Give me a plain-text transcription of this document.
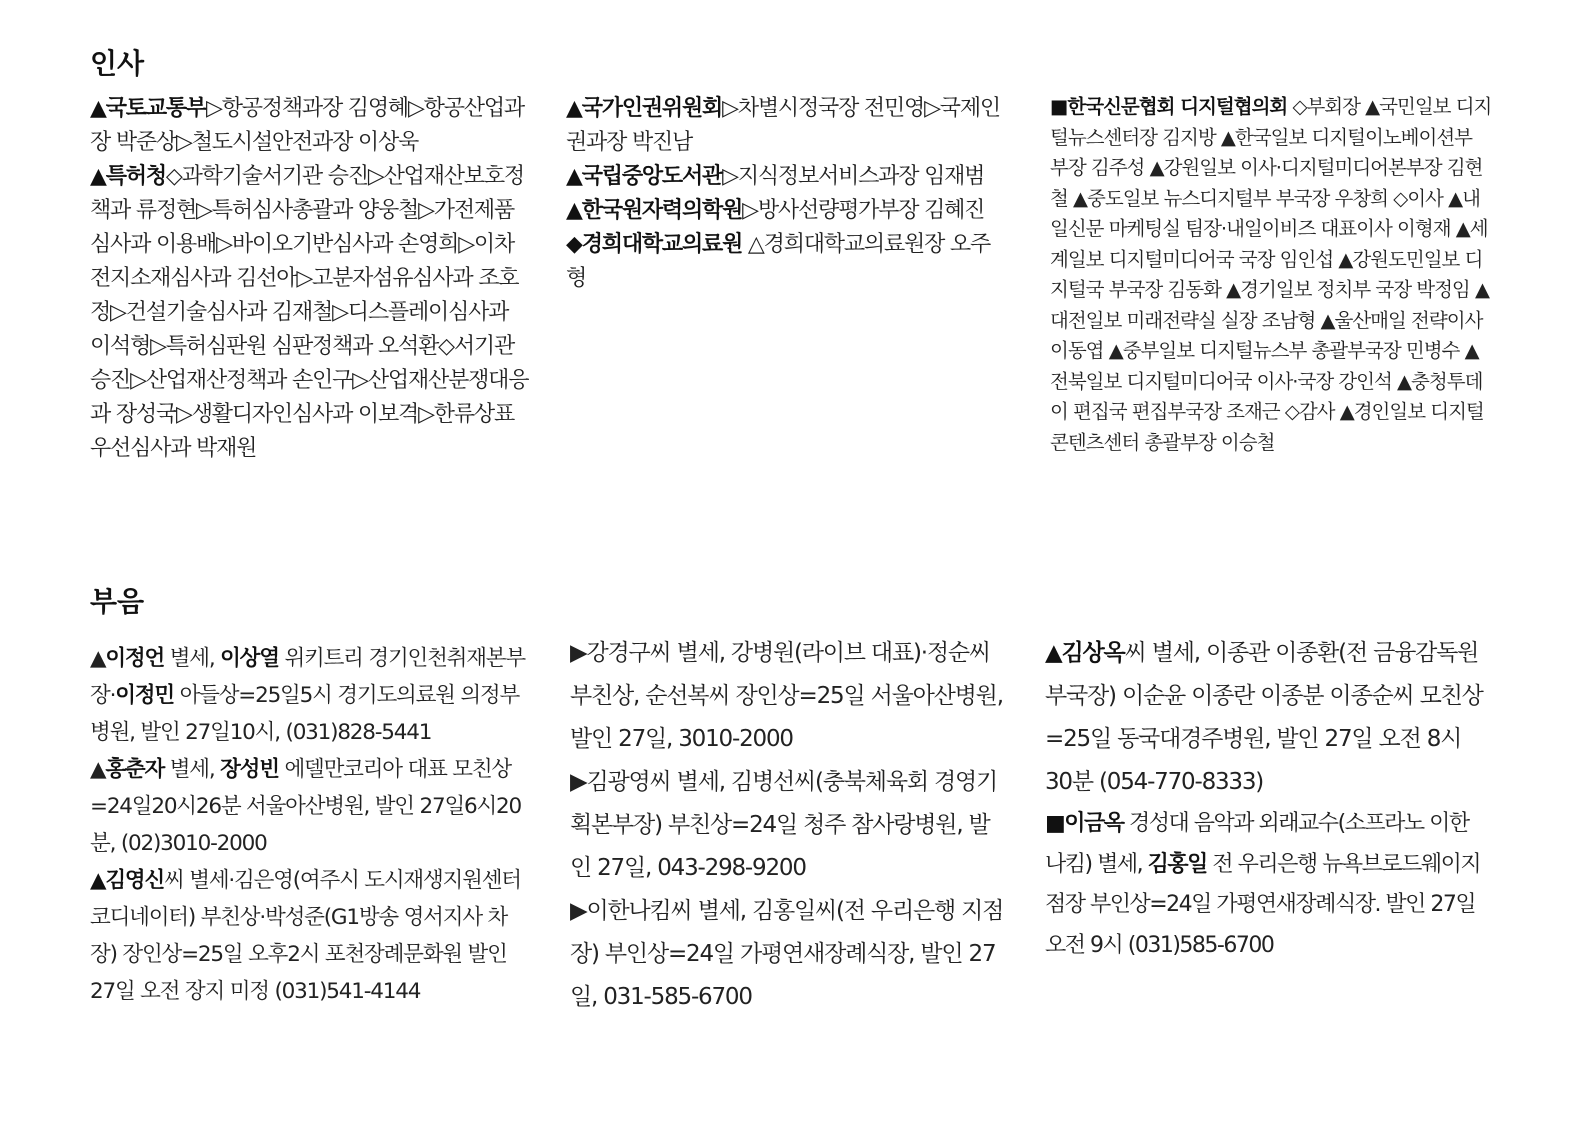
인사

▲국토교통부▷항공정책과장 김영혜▷항공산업과장 박준상▷철도시설안전과장 이상욱

▲특허청◇과학기술서기관 승진▷산업재산보호정책과 류정현▷특허심사총괄과 양웅철▷가전제품심사과 이용배▷바이오기반심사과 손영희▷이차전지소재심사과 김선아▷고분자섬유심사과 조호정▷건설기술심사과 김재철▷디스플레이심사과 이석형▷특허심판원 심판정책과 오석환◇서기관 승진▷산업재산정책과 손인구▷산업재산분쟁대응과 장성국▷생활디자인심사과 이보격▷한류상표우선심사과 박재원

▲국가인권위원회▷차별시정국장 전민영▷국제인권과장 박진남

▲국립중앙도서관▷지식정보서비스과장 임재범

▲한국원자력의학원▷방사선량평가부장 김혜진

◆경희대학교의료원 △경희대학교의료원장 오주형

■한국신문협회 디지털협의회 ◇부회장 ▲국민일보 디지털뉴스센터장 김지방 ▲한국일보 디지털이노베이션부 부장 김주성 ▲강원일보 이사·디지털미디어본부장 김현철 ▲중도일보 뉴스디지털부 부국장 우창희 ◇이사 ▲내일신문 마케팅실 팀장·내일이비즈 대표이사 이형재 ▲세계일보 디지털미디어국 국장 임인섭 ▲강원도민일보 디지털국 부국장 김동화 ▲경기일보 정치부 국장 박정임 ▲대전일보 미래전략실 실장 조남형 ▲울산매일 전략이사 이동엽 ▲중부일보 디지털뉴스부 총괄부국장 민병수 ▲전북일보 디지털미디어국 이사·국장 강인석 ▲충청투데이 편집국 편집부국장 조재근 ◇감사 ▲경인일보 디지털콘텐츠센터 총괄부장 이승철

부음

▲이정언 별세, 이상열 위키트리 경기인천취재본부장·이정민 아들상=25일5시 경기도의료원 의정부병원, 발인 27일10시, (031)828-5441

▲홍춘자 별세, 장성빈 에델만코리아 대표 모친상=24일20시26분 서울아산병원, 발인 27일6시20분, (02)3010-2000

▲김영신씨 별세·김은영(여주시 도시재생지원센터 코디네이터) 부친상·박성준(G1방송 영서지사 차장) 장인상=25일 오후2시 포천장례문화원 발인 27일 오전 장지 미정 (031)541-4144

▶강경구씨 별세, 강병원(라이브 대표)·정순씨 부친상, 순선복씨 장인상=25일 서울아산병원, 발인 27일, 3010-2000

▶김광영씨 별세, 김병선씨(충북체육회 경영기획본부장) 부친상=24일 청주 참사랑병원, 발인 27일, 043-298-9200

▶이한나킴씨 별세, 김홍일씨(전 우리은행 지점장) 부인상=24일 가평연새장례식장, 발인 27일, 031-585-6700

▲김상옥씨 별세, 이종관 이종환(전 금융감독원 부국장) 이순윤 이종란 이종분 이종순씨 모친상=25일 동국대경주병원, 발인 27일 오전 8시30분 (054-770-8333)

■이금옥 경성대 음악과 외래교수(소프라노 이한나킴) 별세, 김홍일 전 우리은행 뉴욕브로드웨이지점장 부인상=24일 가평연새장례식장. 발인 27일 오전 9시 (031)585-6700
